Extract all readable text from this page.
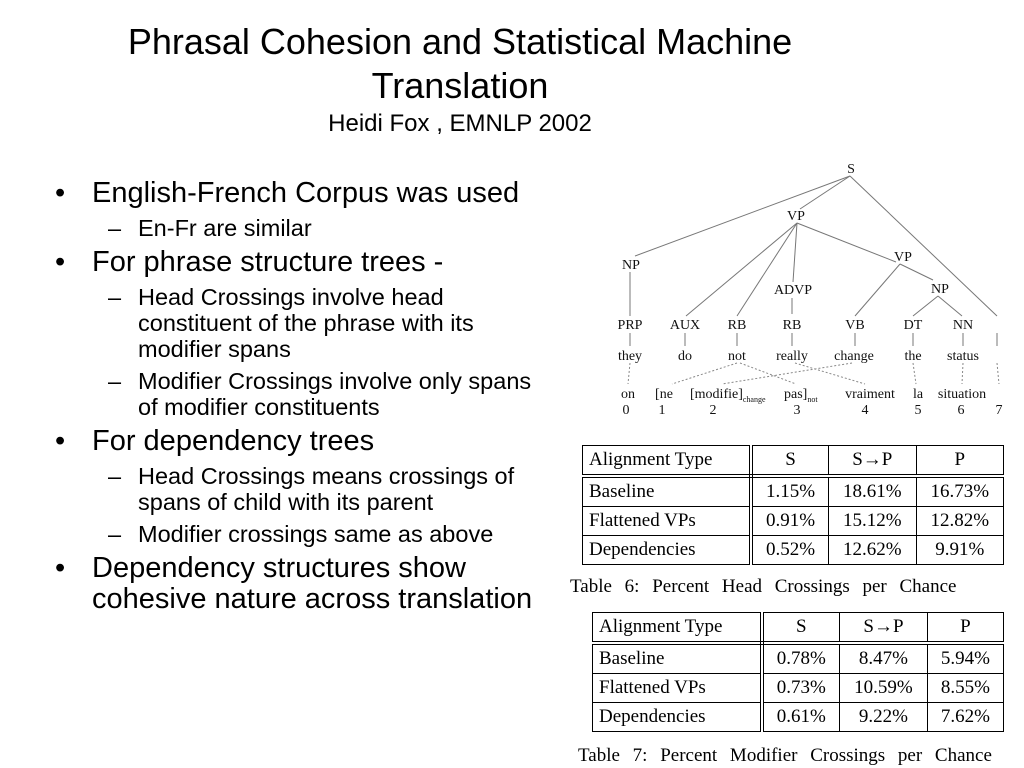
Phrasal Cohesion and Statistical Machine
Translation
Heidi Fox , EMNLP 2002
• English-French Corpus was used
– En-Fr are similar
• For phrase structure trees -
– Head Crossings involve head constituent of the phrase with its modifier spans
– Modifier Crossings involve only spans of modifier constituents
• For dependency trees
– Head Crossings means crossings of spans of child with its parent
– Modifier crossings same as above
• Dependency structures show cohesive nature across translation
S
VP
NP
VP
ADVP	NP
PRP AUX RB	RB	VB	DT NN
they	do	not really change the status
on [ne $[modifie]_{change}$ $pas]_{not}$ vraiment la situation
0 1	2	3	4	5	6 7
Alignment Type	S	S→P	P
Baseline	1.15%	18.61%	16.73%
Flattened VPs	0.91%	15.12%	12.82%
Dependencies	0.52%	12.62%	9.91%
Table 6: Percent Head Crossings per Chance
Alignment Type	S	S→P	P
Baseline	0.78%	8.47%	5.94%
Flattened VPs	0.73%	10.59%	8.55%
Dependencies	0.61%	9.22%	7.62%
Table 7: Percent Modifier Crossings per Chance
